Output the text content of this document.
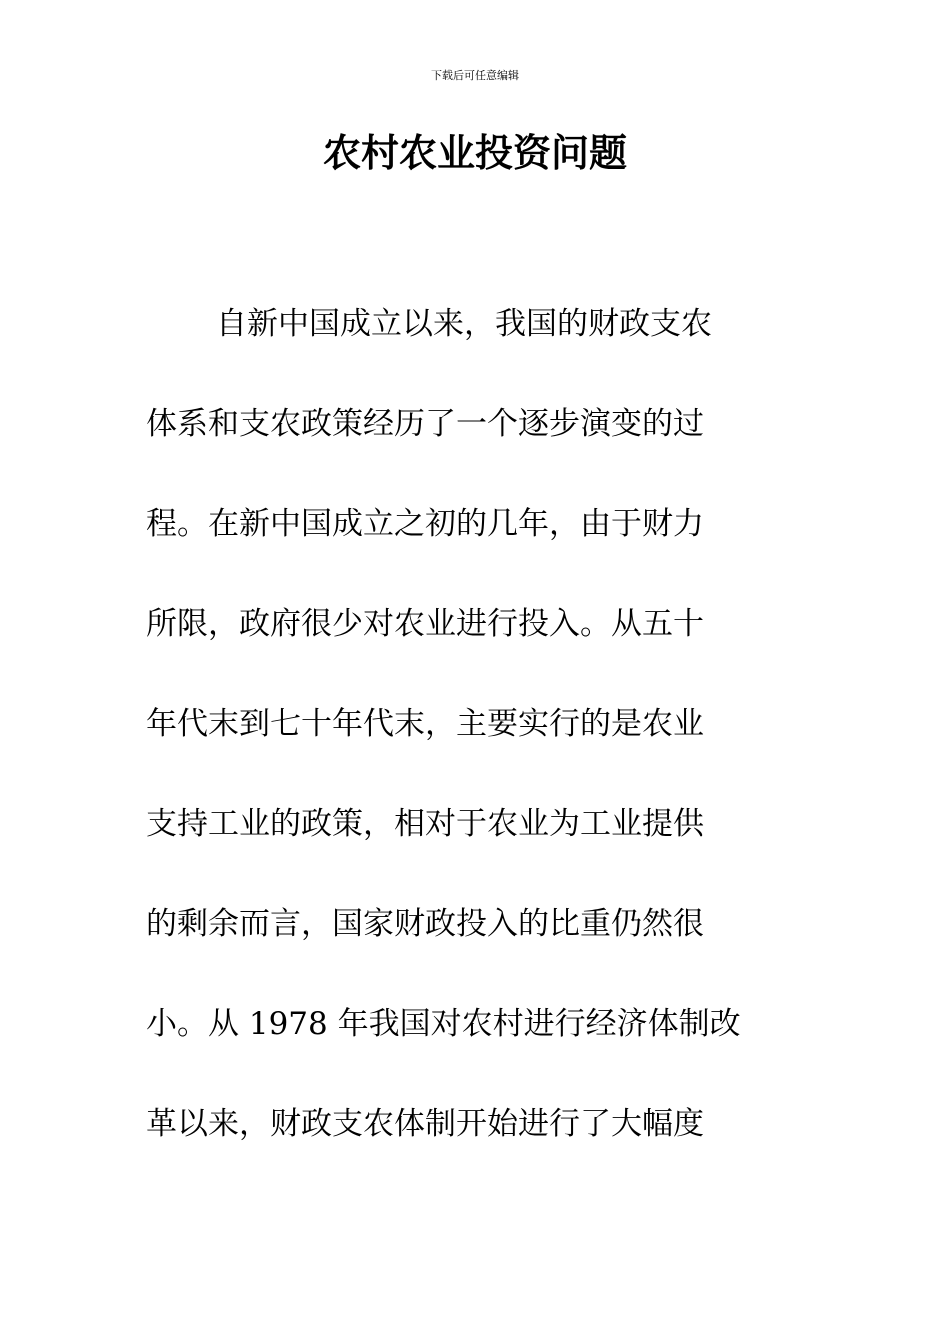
下载后可任意编辑
农村农业投资问题
自新中国成立以来，我国的财政支农
体系和支农政策经历了一个逐步演变的过
程。在新中国成立之初的几年，由于财力
所限，政府很少对农业进行投入。从五十
年代末到七十年代末，主要实行的是农业
支持工业的政策，相对于农业为工业提供
的剩余而言，国家财政投入的比重仍然很
小。从 1978 年我国对农村进行经济体制改
革以来，财政支农体制开始进行了大幅度
